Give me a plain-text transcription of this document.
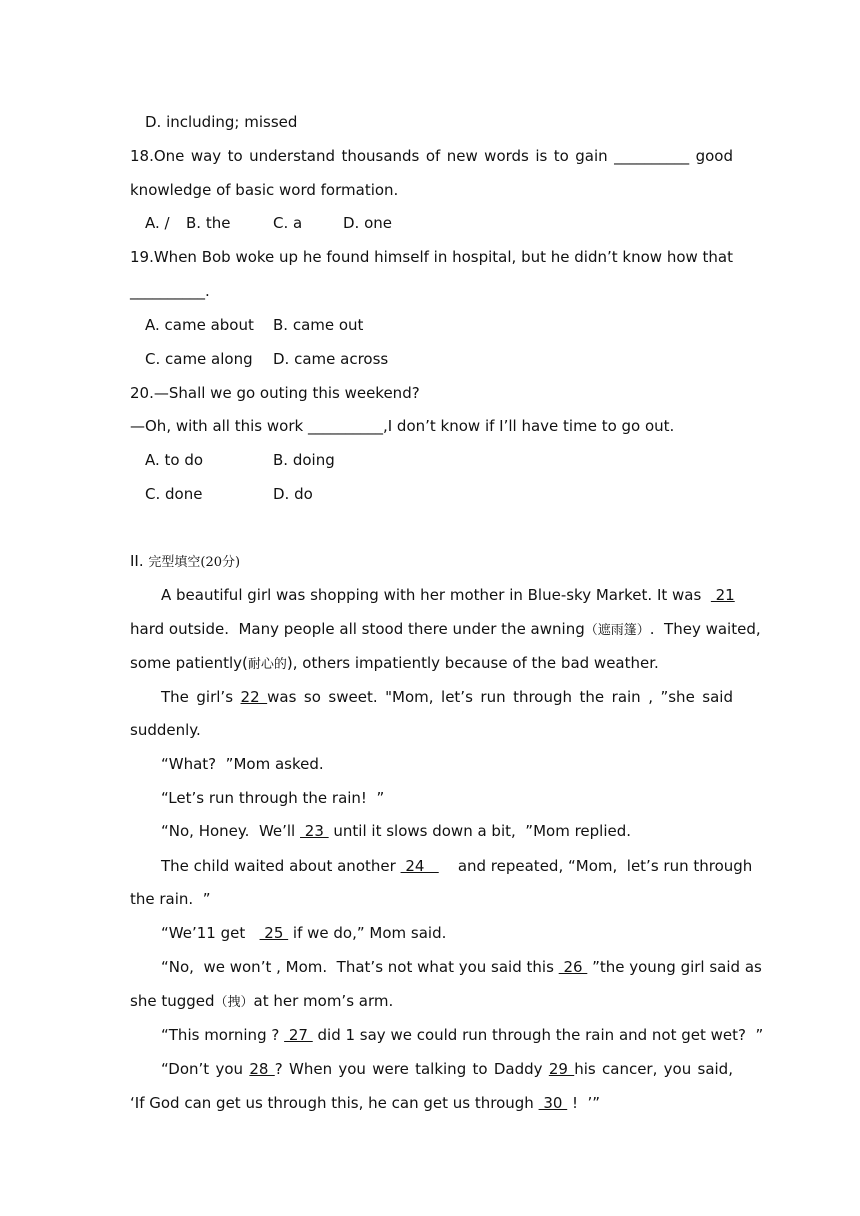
D. including; missed
18.One way to understand thousands of new words is to gain __________ good
knowledge of basic word formation.
A. / B. the	C. a	D. one
19.When Bob woke up he found himself in hospital, but he didn’t know how that
__________.
A. came about B. came out
C. came along D. came across
20.—Shall we go outing this weekend?
—Oh, with all this work __________,I don’t know if I’ll have time to go out.
A. to do	B. doing
C. done	D. do
II. 完型填空(20分)
A beautiful girl was shopping with her mother in Blue-sky Market. It was   21
hard outside.  Many people all stood there under the awning（遮雨篷）.  They waited,
some patiently(耐心的), others impatiently because of the bad weather.
The girl’s 22 was so sweet. "Mom, let’s run through the rain , ”she said
suddenly.
“What?  ”Mom asked.
“Let’s run through the rain!  ”
“No, Honey.  We’ll  23  until it slows down a bit,  ”Mom replied.
The child waited about another  24       and repeated, “Mom,  let’s run through
the rain.  ”
“We’11 get    25  if we do,” Mom said.
“No,  we won’t , Mom.  That’s not what you said this  26  ”the young girl said as
she tugged（拽）at her mom’s arm.
“This morning ?  27  did 1 say we could run through the rain and not get wet?  ”
“Don’t you 28 ? When you were talking to Daddy 29 his cancer, you said,
‘If God can get us through this, he can get us through  30  !  ’”
